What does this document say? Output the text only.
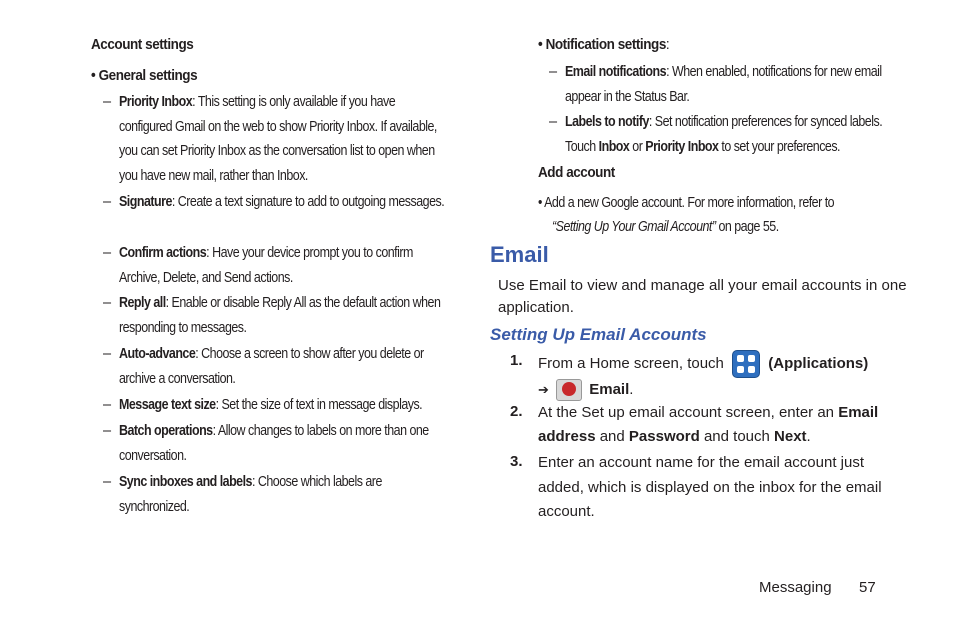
Account settings
• General settings
– Priority Inbox: This setting is only available if you have configured Gmail on the web to show Priority Inbox. If available, you can set Priority Inbox as the conversation list to open when you have new mail, rather than Inbox.
– Signature: Create a text signature to add to outgoing messages.
– Confirm actions: Have your device prompt you to confirm Archive, Delete, and Send actions.
– Reply all: Enable or disable Reply All as the default action when responding to messages.
– Auto-advance: Choose a screen to show after you delete or archive a conversation.
– Message text size: Set the size of text in message displays.
– Batch operations: Allow changes to labels on more than one conversation.
– Sync inboxes and labels: Choose which labels are synchronized.
• Notification settings:
– Email notifications: When enabled, notifications for new email appear in the Status Bar.
– Labels to notify: Set notification preferences for synced labels. Touch Inbox or Priority Inbox to set your preferences.
Add account
• Add a new Google account. For more information, refer to
“Setting Up Your Gmail Account” on page 55.
Email
Use Email to view and manage all your email accounts in one application.
Setting Up Email Accounts
1. From a Home screen, touch	(Applications)
➔	Email.
2. At the Set up email account screen, enter an Email address and Password and touch Next.
3. Enter an account name for the email account just added, which is displayed on the inbox for the email account.
Messaging 57
